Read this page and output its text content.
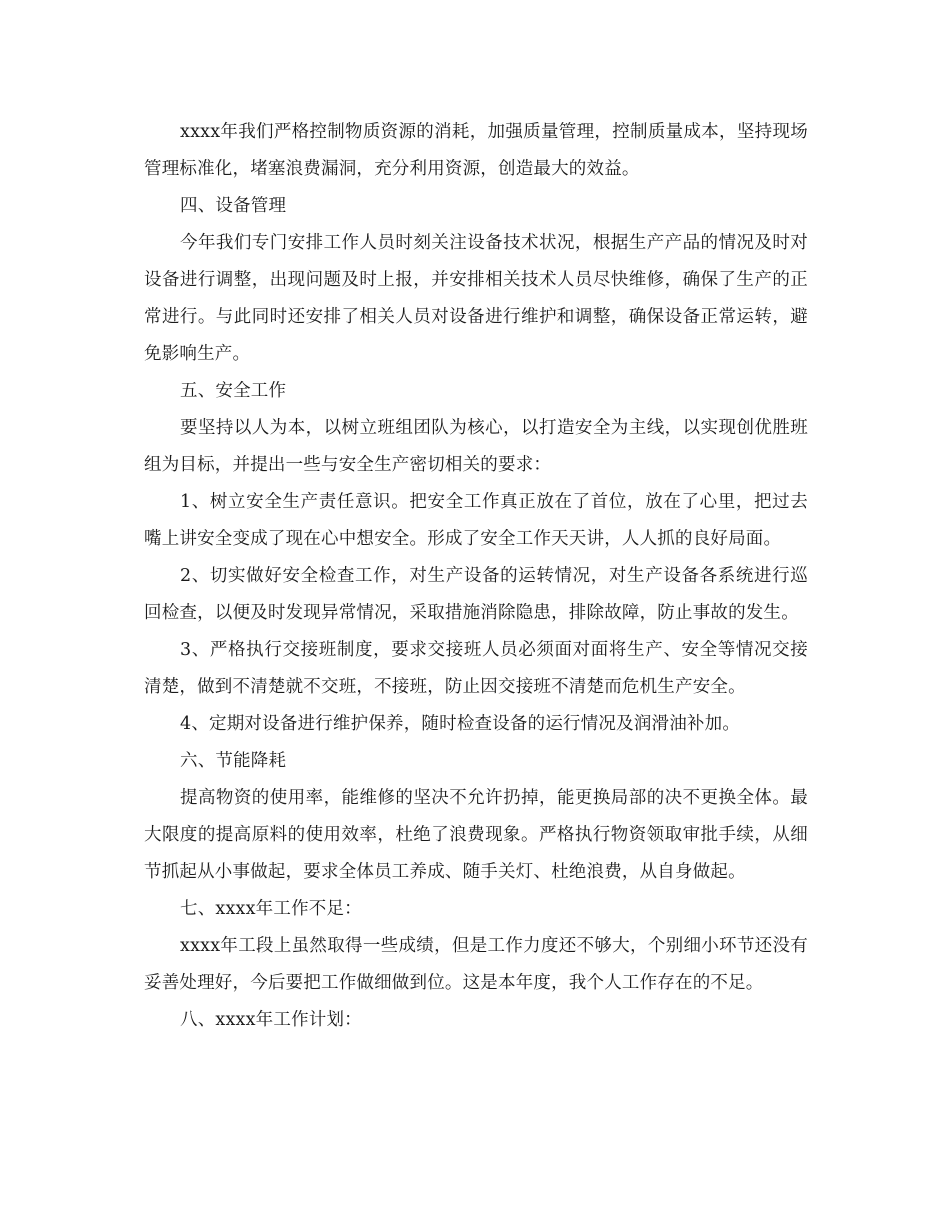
xxxx年我们严格控制物质资源的消耗，加强质量管理，控制质量成本，坚持现场管理标准化，堵塞浪费漏洞，充分利用资源，创造最大的效益。

四、设备管理

今年我们专门安排工作人员时刻关注设备技术状况，根据生产产品的情况及时对设备进行调整，出现问题及时上报，并安排相关技术人员尽快维修，确保了生产的正常进行。与此同时还安排了相关人员对设备进行维护和调整，确保设备正常运转，避免影响生产。

五、安全工作

要坚持以人为本，以树立班组团队为核心，以打造安全为主线，以实现创优胜班组为目标，并提出一些与安全生产密切相关的要求：

1、树立安全生产责任意识。把安全工作真正放在了首位，放在了心里，把过去嘴上讲安全变成了现在心中想安全。形成了安全工作天天讲，人人抓的良好局面。

2、切实做好安全检查工作，对生产设备的运转情况，对生产设备各系统进行巡回检查，以便及时发现异常情况，采取措施消除隐患，排除故障，防止事故的发生。

3、严格执行交接班制度，要求交接班人员必须面对面将生产、安全等情况交接清楚，做到不清楚就不交班，不接班，防止因交接班不清楚而危机生产安全。

4、定期对设备进行维护保养，随时检查设备的运行情况及润滑油补加。

六、节能降耗

提高物资的使用率，能维修的坚决不允许扔掉，能更换局部的决不更换全体。最大限度的提高原料的使用效率，杜绝了浪费现象。严格执行物资领取审批手续，从细节抓起从小事做起，要求全体员工养成、随手关灯、杜绝浪费，从自身做起。

七、xxxx年工作不足：

xxxx年工段上虽然取得一些成绩，但是工作力度还不够大，个别细小环节还没有妥善处理好，今后要把工作做细做到位。这是本年度，我个人工作存在的不足。

八、xxxx年工作计划：
